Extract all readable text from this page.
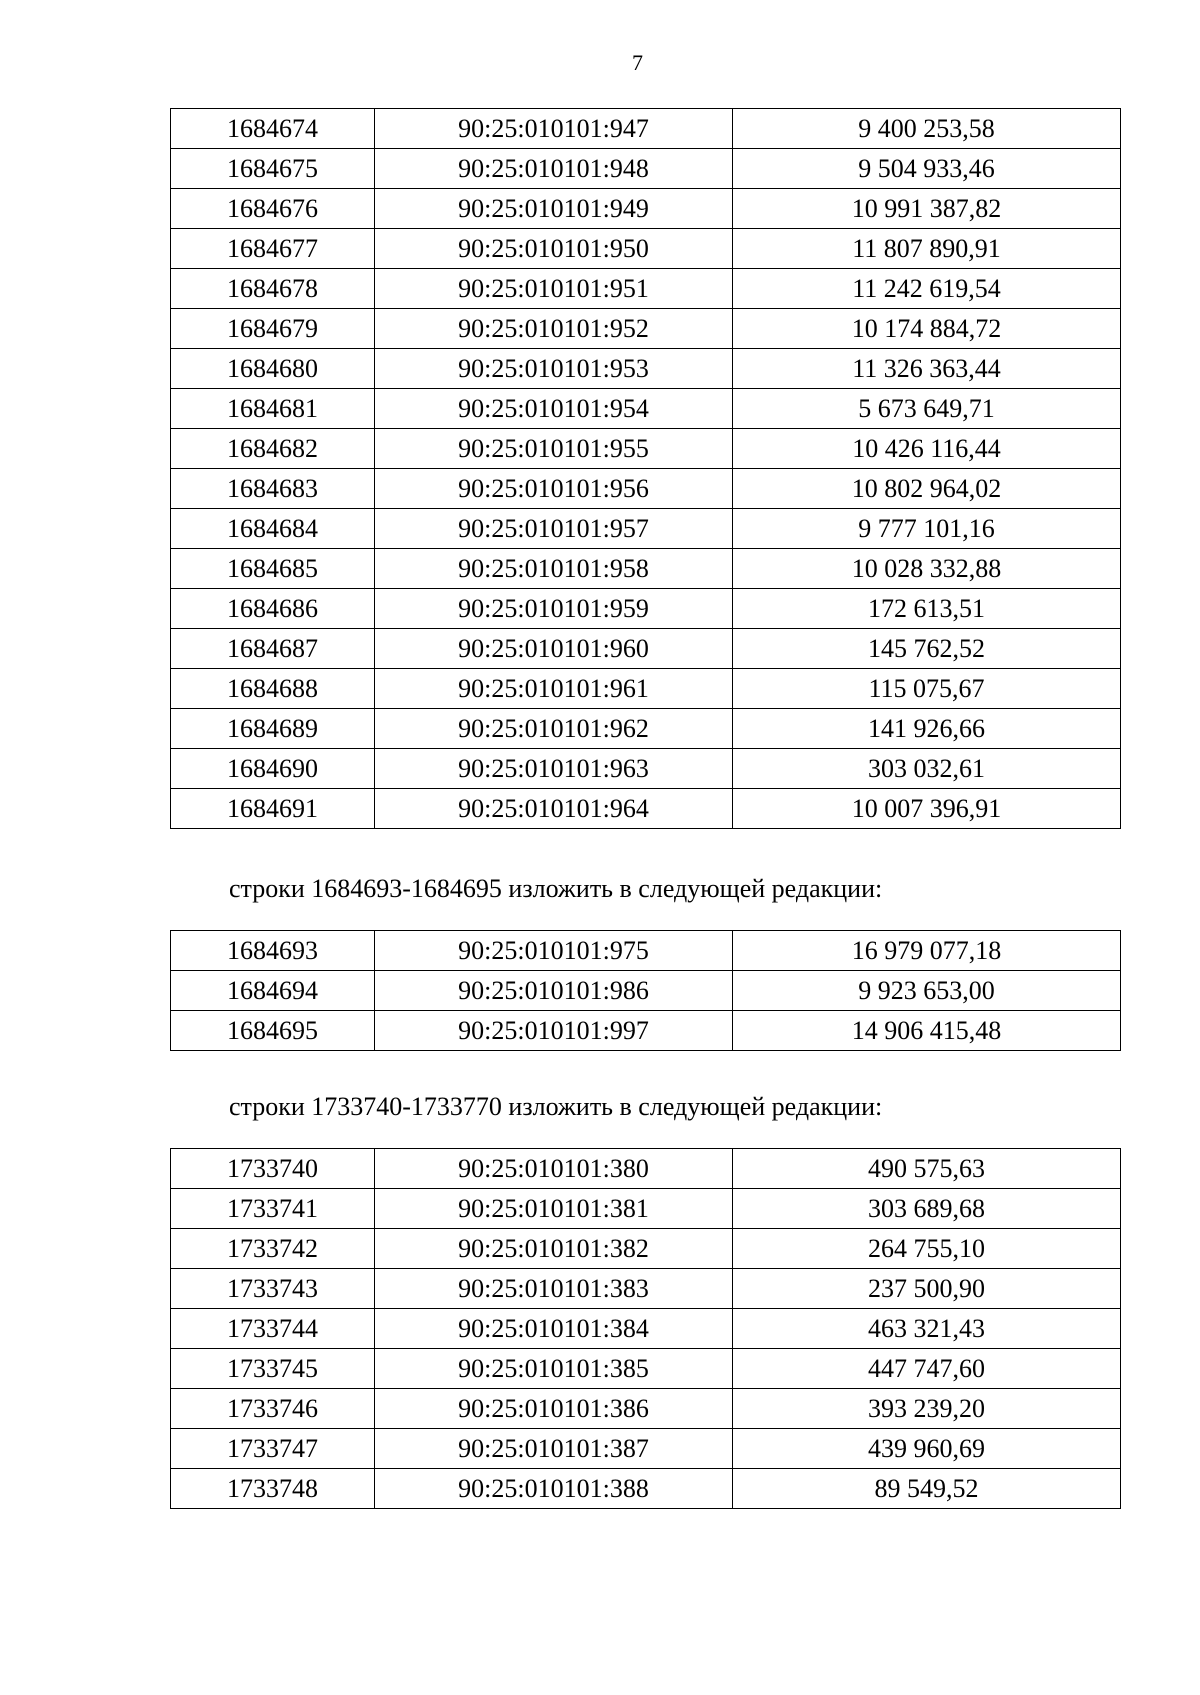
7
1684674	90:25:010101:947	9 400 253,58
1684675	90:25:010101:948	9 504 933,46
1684676	90:25:010101:949	10 991 387,82
1684677	90:25:010101:950	11 807 890,91
1684678	90:25:010101:951	11 242 619,54
1684679	90:25:010101:952	10 174 884,72
1684680	90:25:010101:953	11 326 363,44
1684681	90:25:010101:954	5 673 649,71
1684682	90:25:010101:955	10 426 116,44
1684683	90:25:010101:956	10 802 964,02
1684684	90:25:010101:957	9 777 101,16
1684685	90:25:010101:958	10 028 332,88
1684686	90:25:010101:959	172 613,51
1684687	90:25:010101:960	145 762,52
1684688	90:25:010101:961	115 075,67
1684689	90:25:010101:962	141 926,66
1684690	90:25:010101:963	303 032,61
1684691	90:25:010101:964	10 007 396,91
строки 1684693-1684695 изложить в следующей редакции:
1684693	90:25:010101:975	16 979 077,18
1684694	90:25:010101:986	9 923 653,00
1684695	90:25:010101:997	14 906 415,48
строки 1733740-1733770 изложить в следующей редакции:
1733740	90:25:010101:380	490 575,63
1733741	90:25:010101:381	303 689,68
1733742	90:25:010101:382	264 755,10
1733743	90:25:010101:383	237 500,90
1733744	90:25:010101:384	463 321,43
1733745	90:25:010101:385	447 747,60
1733746	90:25:010101:386	393 239,20
1733747	90:25:010101:387	439 960,69
1733748	90:25:010101:388	89 549,52
